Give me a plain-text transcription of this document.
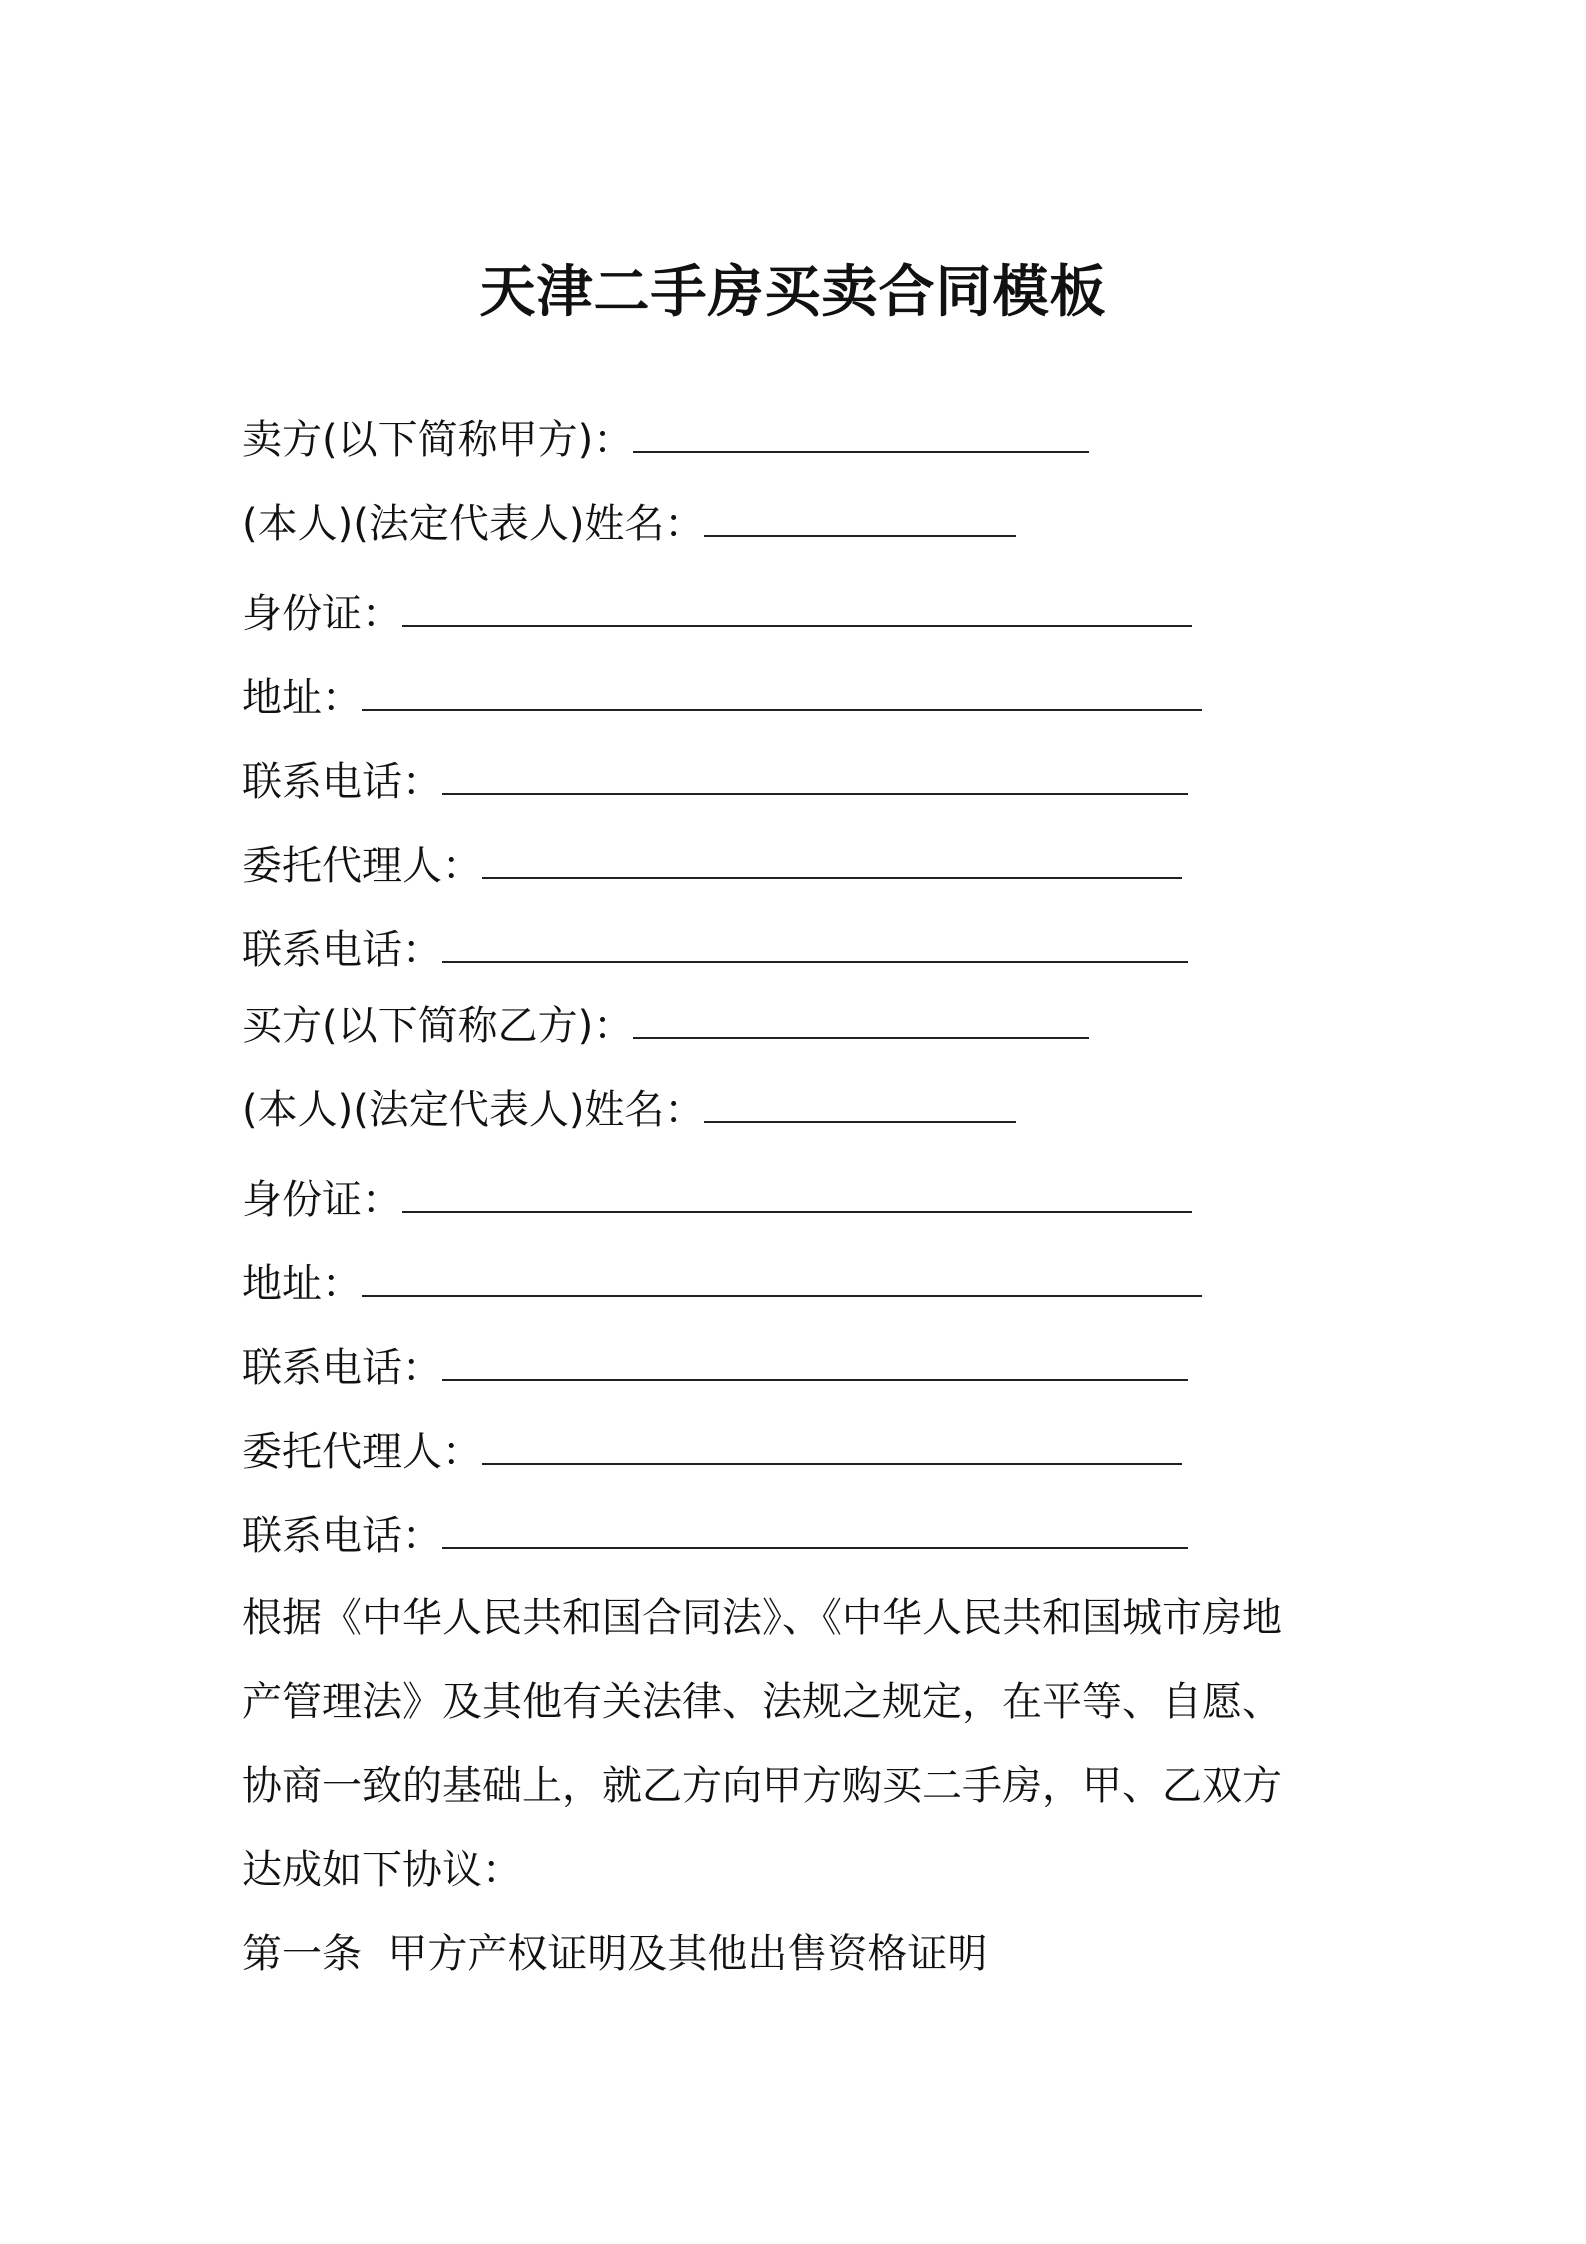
天津二手房买卖合同模板
卖方(以下简称甲方)：
(本人)(法定代表人)姓名：
身份证：
地址：
联系电话：
委托代理人：
联系电话：
买方(以下简称乙方)：
(本人)(法定代表人)姓名：
身份证：
地址：
联系电话：
委托代理人：
联系电话：
根据《中华人民共和国合同法》、《中华人民共和国城市房地
产管理法》及其他有关法律、法规之规定，在平等、自愿、
协商一致的基础上，就乙方向甲方购买二手房，甲、乙双方
达成如下协议：
第一条  甲方产权证明及其他出售资格证明
